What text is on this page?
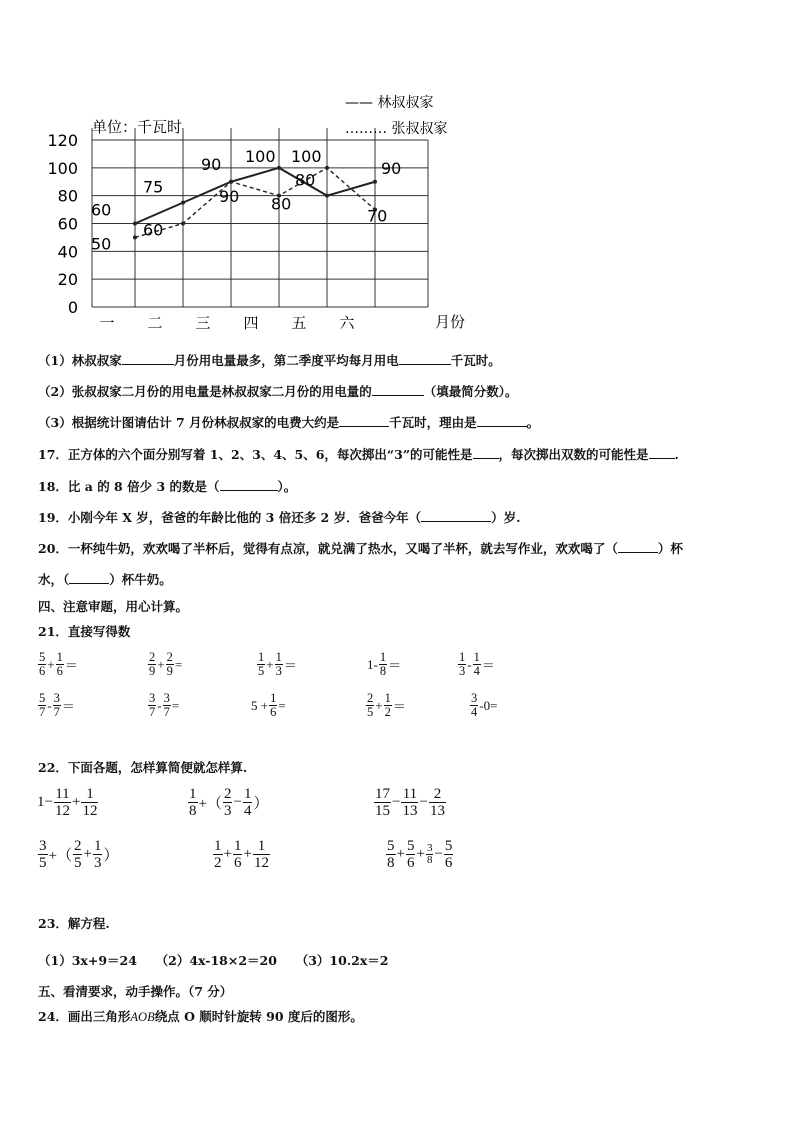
0
20
40
60
80
100
120
一 二 三 四 五 六
60
75
90 100
80
90
50
60
90 80
100
70
单位：千瓦时
—— 林叔叔家
……… 张叔叔家
月份
（1）林叔叔家	月份用电量最多，第二季度平均每月用电	千瓦时。
（2）张叔叔家二月份的用电量是林叔叔家二月份的用电量的	（填最简分数）。
（3）根据统计图请估计 7 月份林叔叔家的电费大约是	千瓦时，理由是	。
17．正方体的六个面分别写着 1、2、3、4、5、6，每次掷出“3”的可能性是 ，每次掷出双数的可能性是 .
18．比 a 的 8 倍少 3 的数是（	）。
19．小刚今年 X 岁，爸爸的年龄比他的 3 倍还多 2 岁．爸爸今年（	）岁.
20．一杯纯牛奶，欢欢喝了半杯后，觉得有点凉，就兑满了热水，又喝了半杯，就去写作业，欢欢喝了（	）杯
水，（	）杯牛奶。
四、注意审题，用心计算。
21．直接写得数
$\frac{5}{6} + \frac{1}{6}$ ＝	$\frac{2}{9} + \frac{2}{9}$ =	$\frac{1}{5} + \frac{1}{3}$ ＝	$1- \frac{1}{8}$ ＝	$\frac{1}{3} - \frac{1}{4}$ ＝
$\frac{5}{7} - \frac{3}{7}$ ＝	$\frac{3}{7} - \frac{3}{7}$ =	$5 + \frac{1}{6}$ =	$\frac{2}{5} + \frac{1}{2}$ ＝	$\frac{3}{4} -0=$
22．下面各题，怎样算简便就怎样算.
$1- \frac{11}{12} + \frac{1}{12}$	$\frac{1}{8}$ +（ $\frac{2}{3} - \frac{1}{4}$ ）	$\frac{17}{15} - \frac{11}{13} - \frac{2}{13}$
$\frac{3}{5}$ +（ $\frac{2}{5} + \frac{1}{3}$ ）	$\frac{1}{2} + \frac{1}{6} + \frac{1}{12}$	$\frac{5}{8} + \frac{5}{6} + \frac{3}{8} - \frac{5}{6}$
23．解方程.
（1）3x+9＝24　　（2）4x-18×2＝20　　（3）10.2x＝2
五、看清要求，动手操作。（7 分）
24．画出三角形AOB绕点 O 顺时针旋转 90 度后的图形。
